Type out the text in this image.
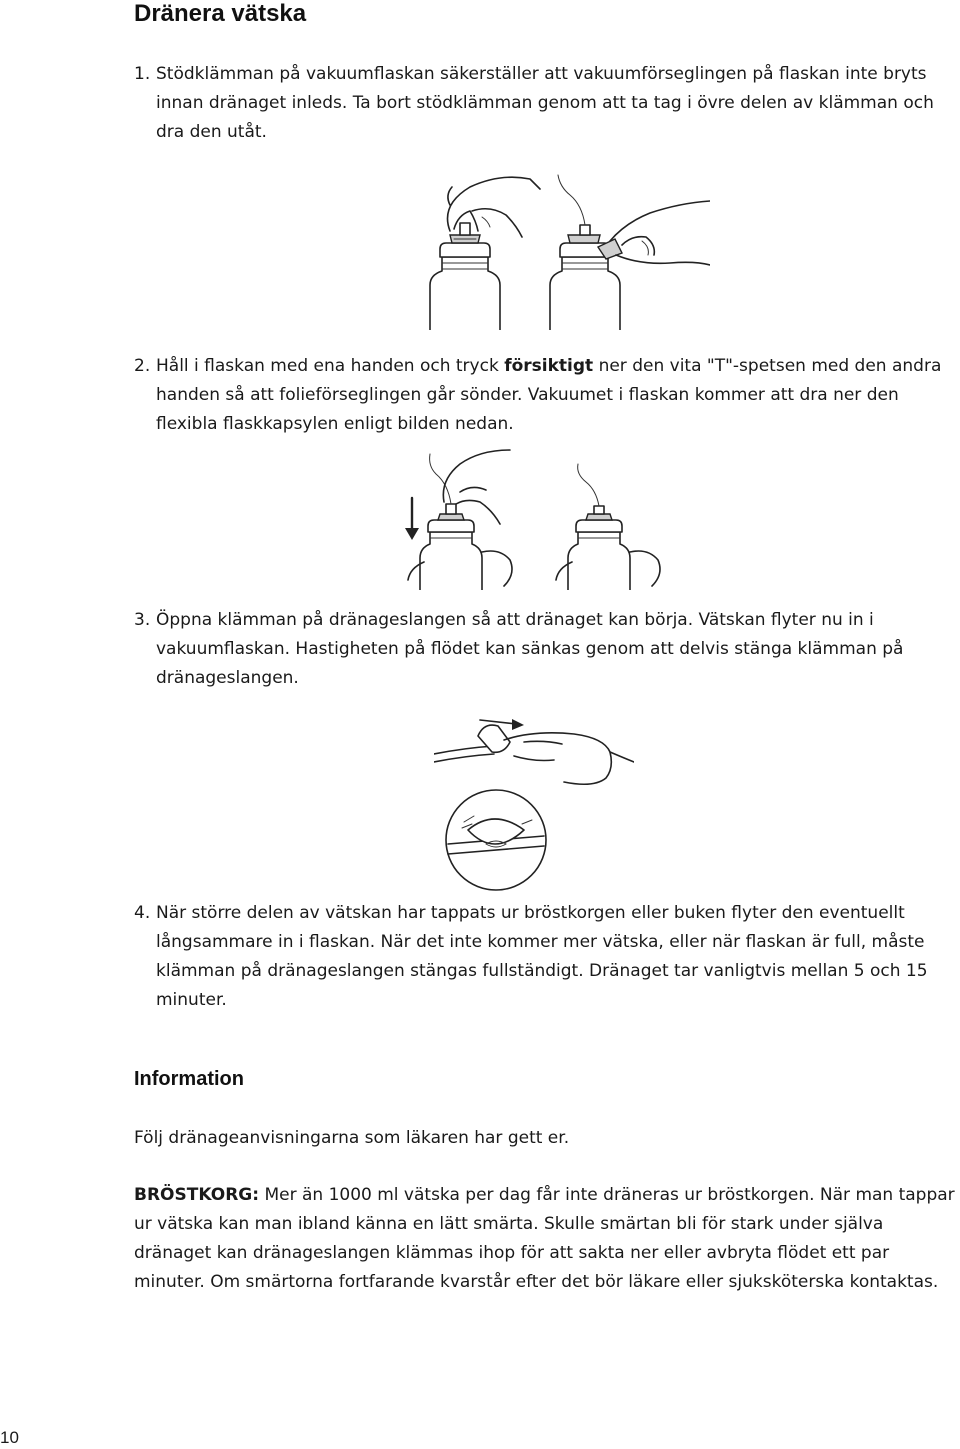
Dränera vätska

1. Stödklämman på vakuumflaskan säkerställer att vakuumförseglingen på flaskan inte bryts innan dränaget inleds. Ta bort stödklämman genom att ta tag i övre delen av klämman och dra den utåt.

2. Håll i flaskan med ena handen och tryck försiktigt ner den vita "T"-spetsen med den andra handen så att folieförseglingen går sönder. Vakuumet i flaskan kommer att dra ner den flexibla flaskkapsylen enligt bilden nedan.

3. Öppna klämman på dränageslangen så att dränaget kan börja. Vätskan flyter nu in i vakuumflaskan. Hastigheten på flödet kan sänkas genom att delvis stänga klämman på dränageslangen.

4. När större delen av vätskan har tappats ur bröstkorgen eller buken flyter den eventuellt långsammare in i flaskan. När det inte kommer mer vätska, eller när flaskan är full, måste klämman på dränageslangen stängas fullständigt. Dränaget tar vanligtvis mellan 5 och 15 minuter.

Information

Följ dränageanvisningarna som läkaren har gett er.

BRÖSTKORG: Mer än 1000 ml vätska per dag får inte dräneras ur bröstkorgen. När man tappar ur vätska kan man ibland känna en lätt smärta. Skulle smärtan bli för stark under själva dränaget kan dränageslangen klämmas ihop för att sakta ner eller avbryta flödet ett par minuter. Om smärtorna fortfarande kvarstår efter det bör läkare eller sjuksköterska kontaktas.

10
